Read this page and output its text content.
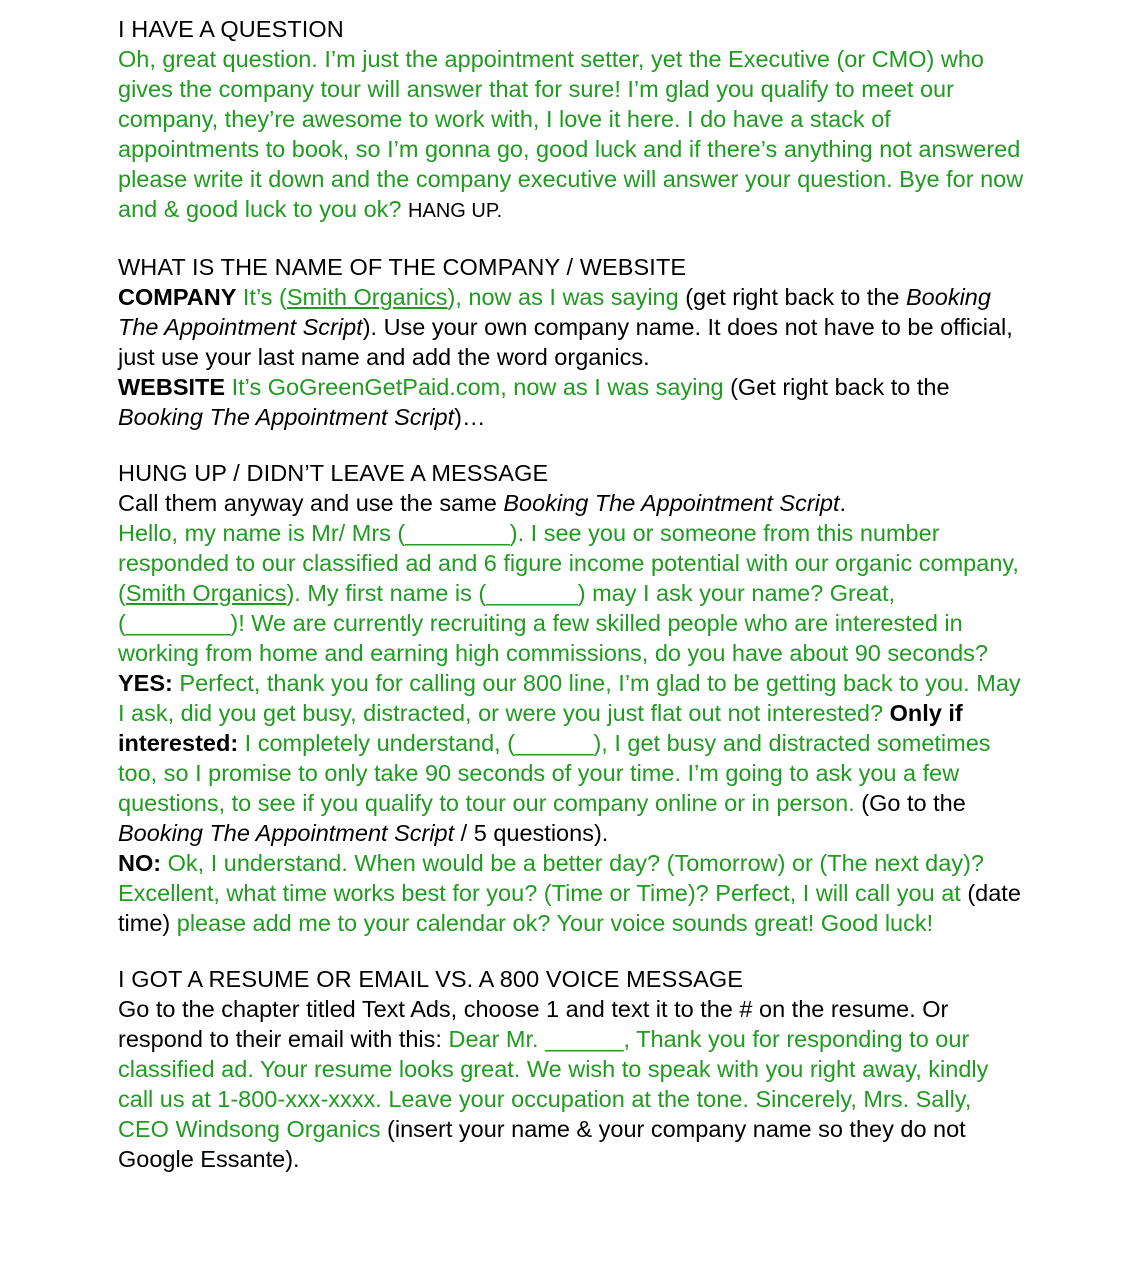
I HAVE A QUESTION
Oh, great question. I’m just the appointment setter, yet the Executive (or CMO) who gives the company tour will answer that for sure! I’m glad you qualify to meet our company, they’re awesome to work with, I love it here. I do have a stack of appointments to book, so I’m gonna go, good luck and if there’s anything not answered please write it down and the company executive will answer your question. Bye for now and & good luck to you ok? HANG UP.
WHAT IS THE NAME OF THE COMPANY / WEBSITE
COMPANY It’s (Smith Organics), now as I was saying (get right back to the Booking The Appointment Script). Use your own company name. It does not have to be official, just use your last name and add the word organics.
WEBSITE It’s GoGreenGetPaid.com, now as I was saying (Get right back to the Booking The Appointment Script)…
HUNG UP / DIDN’T LEAVE A MESSAGE
Call them anyway and use the same Booking The Appointment Script.
Hello, my name is Mr/ Mrs (________). I see you or someone from this number responded to our classified ad and 6 figure income potential with our organic company, (Smith Organics). My first name is (_______) may I ask your name? Great, (________)! We are currently recruiting a few skilled people who are interested in working from home and earning high commissions, do you have about 90 seconds?
YES: Perfect, thank you for calling our 800 line, I’m glad to be getting back to you. May I ask, did you get busy, distracted, or were you just flat out not interested? Only if interested: I completely understand, (______), I get busy and distracted sometimes too, so I promise to only take 90 seconds of your time. I’m going to ask you a few questions, to see if you qualify to tour our company online or in person. (Go to the Booking The Appointment Script / 5 questions).
NO: Ok, I understand. When would be a better day? (Tomorrow) or (The next day)? Excellent, what time works best for you? (Time or Time)? Perfect, I will call you at (date time) please add me to your calendar ok? Your voice sounds great! Good luck!
I GOT A RESUME OR EMAIL VS. A 800 VOICE MESSAGE
Go to the chapter titled Text Ads, choose 1 and text it to the # on the resume. Or respond to their email with this: Dear Mr. ______, Thank you for responding to our classified ad. Your resume looks great. We wish to speak with you right away, kindly call us at 1-800-xxx-xxxx. Leave your occupation at the tone. Sincerely, Mrs. Sally, CEO Windsong Organics (insert your name & your company name so they do not Google Essante).
